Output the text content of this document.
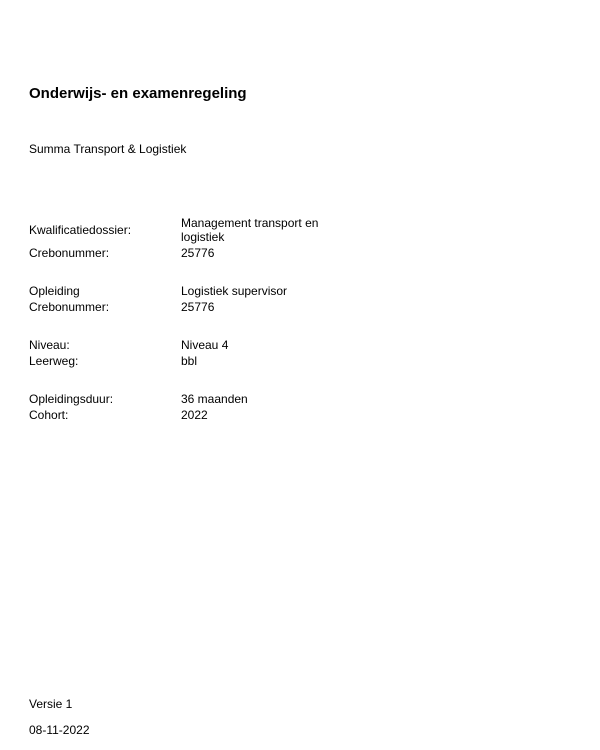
Onderwijs- en examenregeling
Summa Transport & Logistiek
Kwalificatiedossier:	Management transport en logistiek
Crebonummer:	25776
Opleiding	Logistiek supervisor
Crebonummer:	25776
Niveau:	Niveau 4
Leerweg:	bbl
Opleidingsduur:	36 maanden
Cohort:	2022
Versie 1
08-11-2022
